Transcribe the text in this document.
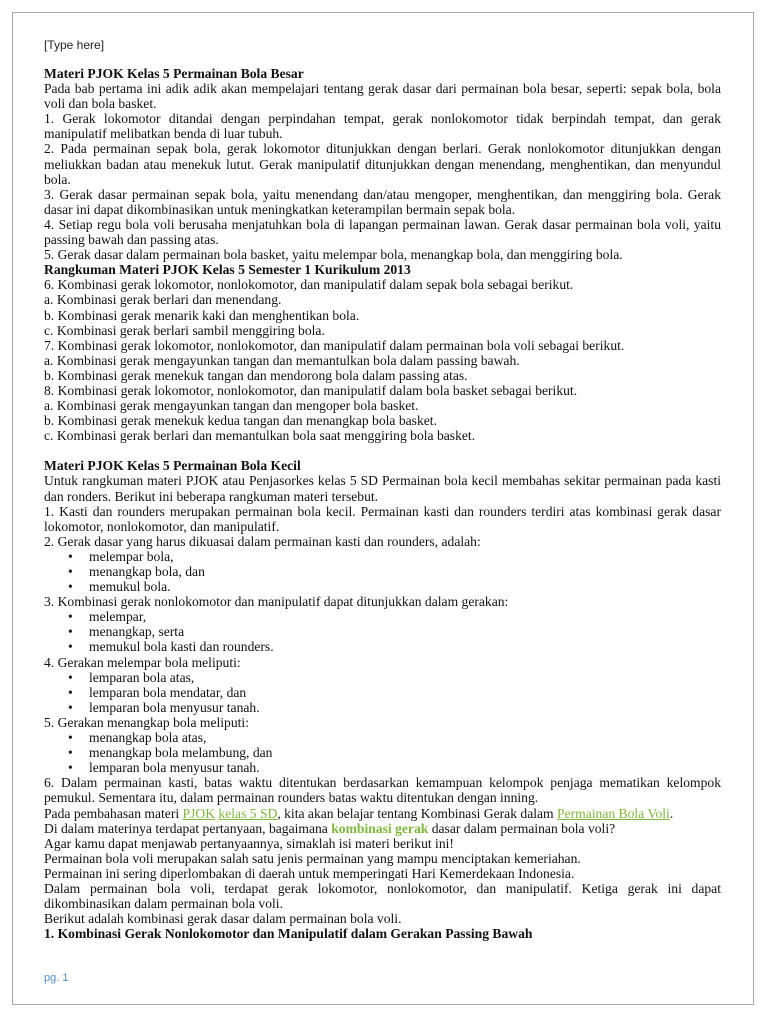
[Type here]
Materi PJOK Kelas 5 Permainan Bola Besar

Pada bab pertama ini adik adik akan mempelajari tentang gerak dasar dari permainan bola besar, seperti: sepak bola, bola voli dan bola basket.

1. Gerak lokomotor ditandai dengan perpindahan tempat, gerak nonlokomotor tidak berpindah tempat, dan gerak manipulatif melibatkan benda di luar tubuh.

2. Pada permainan sepak bola, gerak lokomotor ditunjukkan dengan berlari. Gerak nonlokomotor ditunjukkan dengan meliukkan badan atau menekuk lutut. Gerak manipulatif ditunjukkan dengan menendang, menghentikan, dan menyundul bola.

3. Gerak dasar permainan sepak bola, yaitu menendang dan/atau mengoper, menghentikan, dan menggiring bola. Gerak dasar ini dapat dikombinasikan untuk meningkatkan keterampilan bermain sepak bola.

4. Setiap regu bola voli berusaha menjatuhkan bola di lapangan permainan lawan. Gerak dasar permainan bola voli, yaitu passing bawah dan passing atas.

5. Gerak dasar dalam permainan bola basket, yaitu melempar bola, menangkap bola, dan menggiring bola.

Rangkuman Materi PJOK Kelas 5 Semester 1 Kurikulum 2013

6. Kombinasi gerak lokomotor, nonlokomotor, dan manipulatif dalam sepak bola sebagai berikut.

a. Kombinasi gerak berlari dan menendang.

b. Kombinasi gerak menarik kaki dan menghentikan bola.

c. Kombinasi gerak berlari sambil menggiring bola.

7. Kombinasi gerak lokomotor, nonlokomotor, dan manipulatif dalam permainan bola voli sebagai berikut.

a. Kombinasi gerak mengayunkan tangan dan memantulkan bola dalam passing bawah.

b. Kombinasi gerak menekuk tangan dan mendorong bola dalam passing atas.

8. Kombinasi gerak lokomotor, nonlokomotor, dan manipulatif dalam bola basket sebagai berikut.

a. Kombinasi gerak mengayunkan tangan dan mengoper bola basket.

b. Kombinasi gerak menekuk kedua tangan dan menangkap bola basket.

c. Kombinasi gerak berlari dan memantulkan bola saat menggiring bola basket.

Materi PJOK Kelas 5 Permainan Bola Kecil

Untuk rangkuman materi PJOK atau Penjasorkes kelas 5 SD Permainan bola kecil membahas sekitar permainan pada kasti dan ronders. Berikut ini beberapa rangkuman materi tersebut.

1. Kasti dan rounders merupakan permainan bola kecil. Permainan kasti dan rounders terdiri atas kombinasi gerak dasar lokomotor, nonlokomotor, dan manipulatif.

2. Gerak dasar yang harus dikuasai dalam permainan kasti dan rounders, adalah:

• melempar bola,
• menangkap bola, dan
• memukul bola.

3. Kombinasi gerak nonlokomotor dan manipulatif dapat ditunjukkan dalam gerakan:

• melempar,
• menangkap, serta
• memukul bola kasti dan rounders.

4. Gerakan melempar bola meliputi:

• lemparan bola atas,
• lemparan bola mendatar, dan
• lemparan bola menyusur tanah.

5. Gerakan menangkap bola meliputi:

• menangkap bola atas,
• menangkap bola melambung, dan
• lemparan bola menyusur tanah.

6. Dalam permainan kasti, batas waktu ditentukan berdasarkan kemampuan kelompok penjaga mematikan kelompok pemukul. Sementara itu, dalam permainan rounders batas waktu ditentukan dengan inning.

Pada pembahasan materi PJOK kelas 5 SD, kita akan belajar tentang Kombinasi Gerak dalam Permainan Bola Voli.

Di dalam materinya terdapat pertanyaan, bagaimana kombinasi gerak dasar dalam permainan bola voli?

Agar kamu dapat menjawab pertanyaannya, simaklah isi materi berikut ini!

Permainan bola voli merupakan salah satu jenis permainan yang mampu menciptakan kemeriahan.

Permainan ini sering diperlombakan di daerah untuk memperingati Hari Kemerdekaan Indonesia.

Dalam permainan bola voli, terdapat gerak lokomotor, nonlokomotor, dan manipulatif. Ketiga gerak ini dapat dikombinasikan dalam permainan bola voli.

Berikut adalah kombinasi gerak dasar dalam permainan bola voli.

1. Kombinasi Gerak Nonlokomotor dan Manipulatif dalam Gerakan Passing Bawah
pg. 1
